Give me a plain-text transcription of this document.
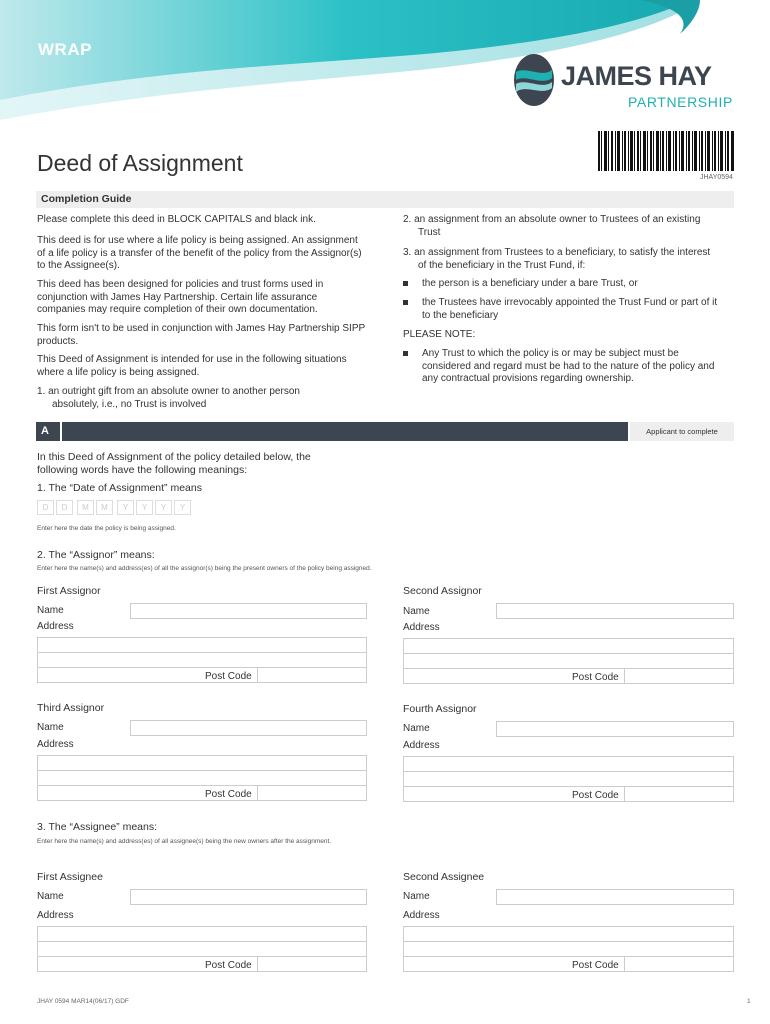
WRAP
JAMES HAY
PARTNERSHIP
JHAY0594
Deed of Assignment
Completion Guide
Please complete this deed in BLOCK CAPITALS and black ink.
This deed is for use where a life policy is being assigned. An assignment of a life policy is a transfer of the benefit of the policy from the Assignor(s) to the Assignee(s).
This deed has been designed for policies and trust forms used in conjunction with James Hay Partnership. Certain life assurance companies may require completion of their own documentation.
This form isn't to be used in conjunction with James Hay Partnership SIPP products.
This Deed of Assignment is intended for use in the following situations where a life policy is being assigned.
1. an outright gift from an absolute owner to another person absolutely, i.e., no Trust is involved
2. an assignment from an absolute owner to Trustees of an existing Trust
3. an assignment from Trustees to a beneficiary, to satisfy the interest of the beneficiary in the Trust Fund, if:
the person is a beneficiary under a bare Trust, or
the Trustees have irrevocably appointed the Trust Fund or part of it to the beneficiary
PLEASE NOTE:
Any Trust to which the policy is or may be subject must be considered and regard must be had to the nature of the policy and any contractual provisions regarding ownership.
A	Applicant to complete
In this Deed of Assignment of the policy detailed below, the following words have the following meanings:
1. The “Date of Assignment” means
D	D	M	M	Y	Y	Y	Y
Enter here the date the policy is being assigned.
2. The “Assignor” means:
Enter here the name(s) and address(es) of all the assignor(s) being the present owners of the policy being assigned.
First Assignor
Name
Address
Post Code
Second Assignor
Name
Address
Post Code
Third Assignor
Name
Address
Post Code
Fourth Assignor
Name
Address
Post Code
3. The “Assignee” means:
Enter here the name(s) and address(es) of all assignee(s) being the new owners after the assignment.
First Assignee
Name
Address
Post Code
Second Assignee
Name
Address
Post Code
JHAY 0594 MAR14(06/17) GDF	1
